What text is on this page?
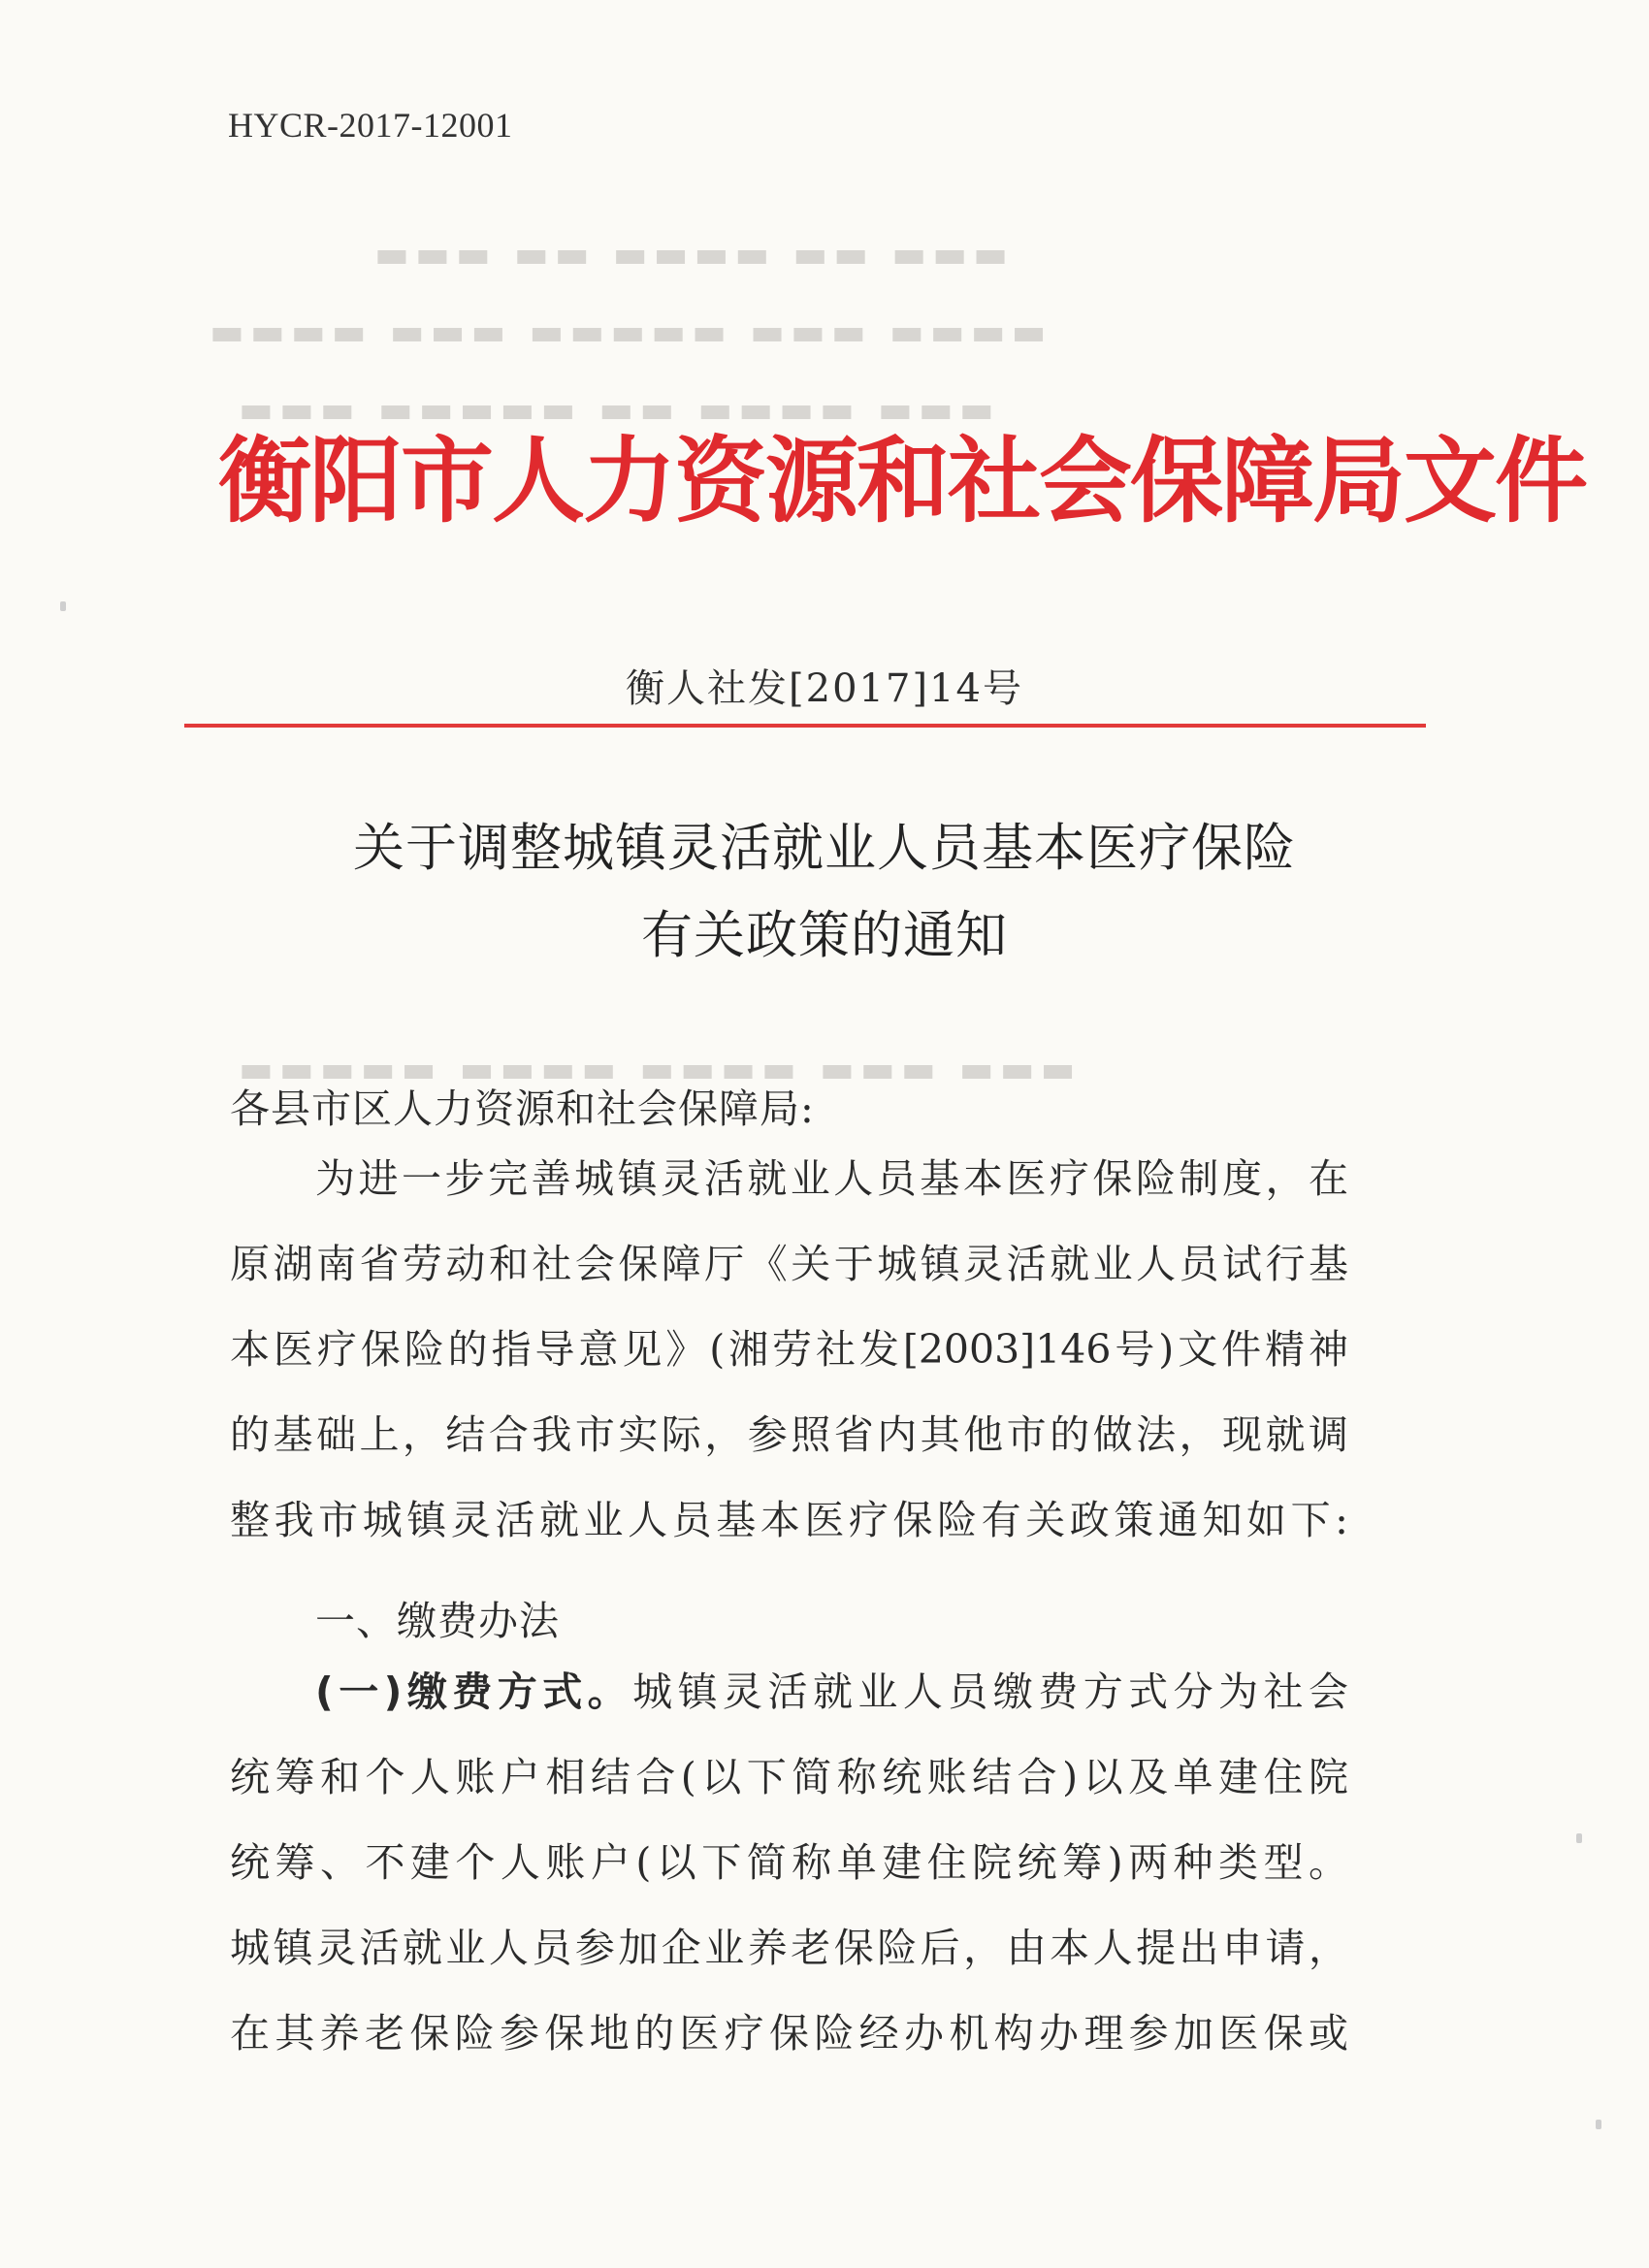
▬▬▬ ▬▬ ▬▬▬▬ ▬▬ ▬▬▬
▬▬▬▬ ▬▬▬ ▬▬▬▬▬ ▬▬▬ ▬▬▬▬
▬▬▬ ▬▬▬▬ ▬▬ ▬▬▬▬▬ ▬▬▬
▬▬▬ ▬▬▬ ▬▬▬▬ ▬▬▬▬ ▬▬▬▬▬
HYCR-2017-12001
衡阳市人力资源和社会保障局文件
衡人社发[2017]14号
关于调整城镇灵活就业人员基本医疗保险
有关政策的通知
各县市区人力资源和社会保障局:
为进一步完善城镇灵活就业人员基本医疗保险制度，在
原湖南省劳动和社会保障厅《关于城镇灵活就业人员试行基
本医疗保险的指导意见》(湘劳社发[2003]146号)文件精神
的基础上，结合我市实际，参照省内其他市的做法，现就调
整我市城镇灵活就业人员基本医疗保险有关政策通知如下:
一、缴费办法
(一)缴费方式。城镇灵活就业人员缴费方式分为社会
统筹和个人账户相结合(以下简称统账结合)以及单建住院
统筹、不建个人账户(以下简称单建住院统筹)两种类型。
城镇灵活就业人员参加企业养老保险后，由本人提出申请，
在其养老保险参保地的医疗保险经办机构办理参加医保或
